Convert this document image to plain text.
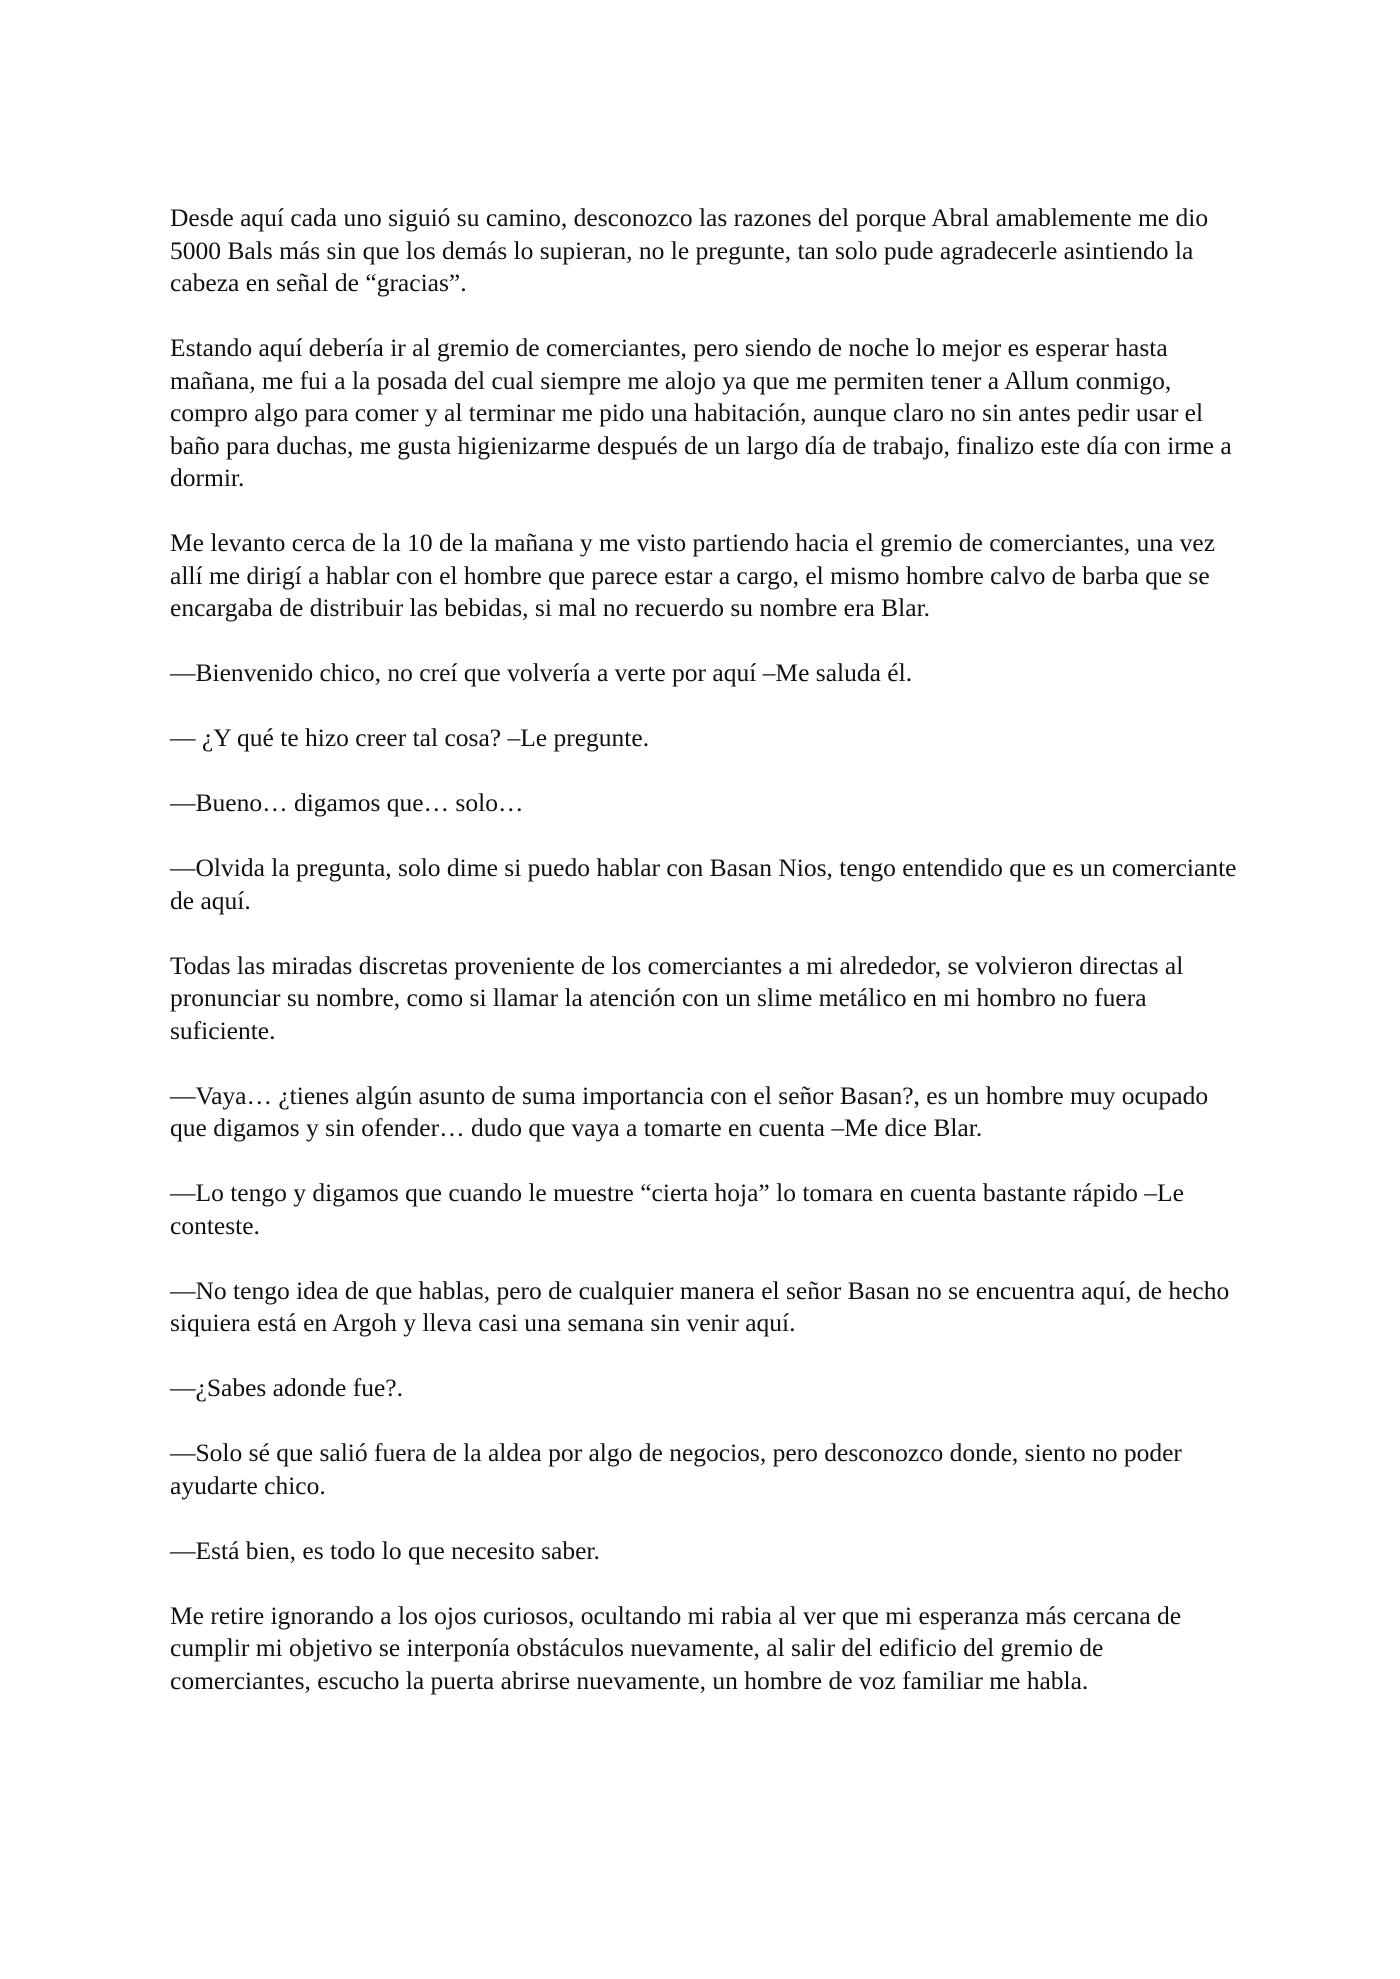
Desde aquí cada uno siguió su camino, desconozco las razones del porque Abral amablemente me dio 5000 Bals más sin que los demás lo supieran, no le pregunte, tan solo pude agradecerle asintiendo la cabeza en señal de “gracias”.

Estando aquí debería ir al gremio de comerciantes, pero siendo de noche lo mejor es esperar hasta mañana, me fui a la posada del cual siempre me alojo ya que me permiten tener a Allum conmigo, compro algo para comer y al terminar me pido una habitación, aunque claro no sin antes pedir usar el baño para duchas, me gusta higienizarme después de un largo día de trabajo, finalizo este día con irme a dormir.

Me levanto cerca de la 10 de la mañana y me visto partiendo hacia el gremio de comerciantes, una vez allí me dirigí a hablar con el hombre que parece estar a cargo, el mismo hombre calvo de barba que se encargaba de distribuir las bebidas, si mal no recuerdo su nombre era Blar.

—Bienvenido chico, no creí que volvería a verte por aquí –Me saluda él.

— ¿Y qué te hizo creer tal cosa? –Le pregunte.

—Bueno… digamos que… solo…

—Olvida la pregunta, solo dime si puedo hablar con Basan Nios, tengo entendido que es un comerciante de aquí.

Todas las miradas discretas proveniente de los comerciantes a mi alrededor, se volvieron directas al pronunciar su nombre, como si llamar la atención con un slime metálico en mi hombro no fuera suficiente.

—Vaya… ¿tienes algún asunto de suma importancia con el señor Basan?, es un hombre muy ocupado que digamos y sin ofender… dudo que vaya a tomarte en cuenta –Me dice Blar.

—Lo tengo y digamos que cuando le muestre “cierta hoja” lo tomara en cuenta bastante rápido –Le conteste.

—No tengo idea de que hablas, pero de cualquier manera el señor Basan no se encuentra aquí, de hecho siquiera está en Argoh y lleva casi una semana sin venir aquí.

—¿Sabes adonde fue?.

—Solo sé que salió fuera de la aldea por algo de negocios, pero desconozco donde, siento no poder ayudarte chico.

—Está bien, es todo lo que necesito saber.

Me retire ignorando a los ojos curiosos, ocultando mi rabia al ver que mi esperanza más cercana de cumplir mi objetivo se interponía obstáculos nuevamente, al salir del edificio del gremio de comerciantes, escucho la puerta abrirse nuevamente, un hombre de voz familiar me habla.
